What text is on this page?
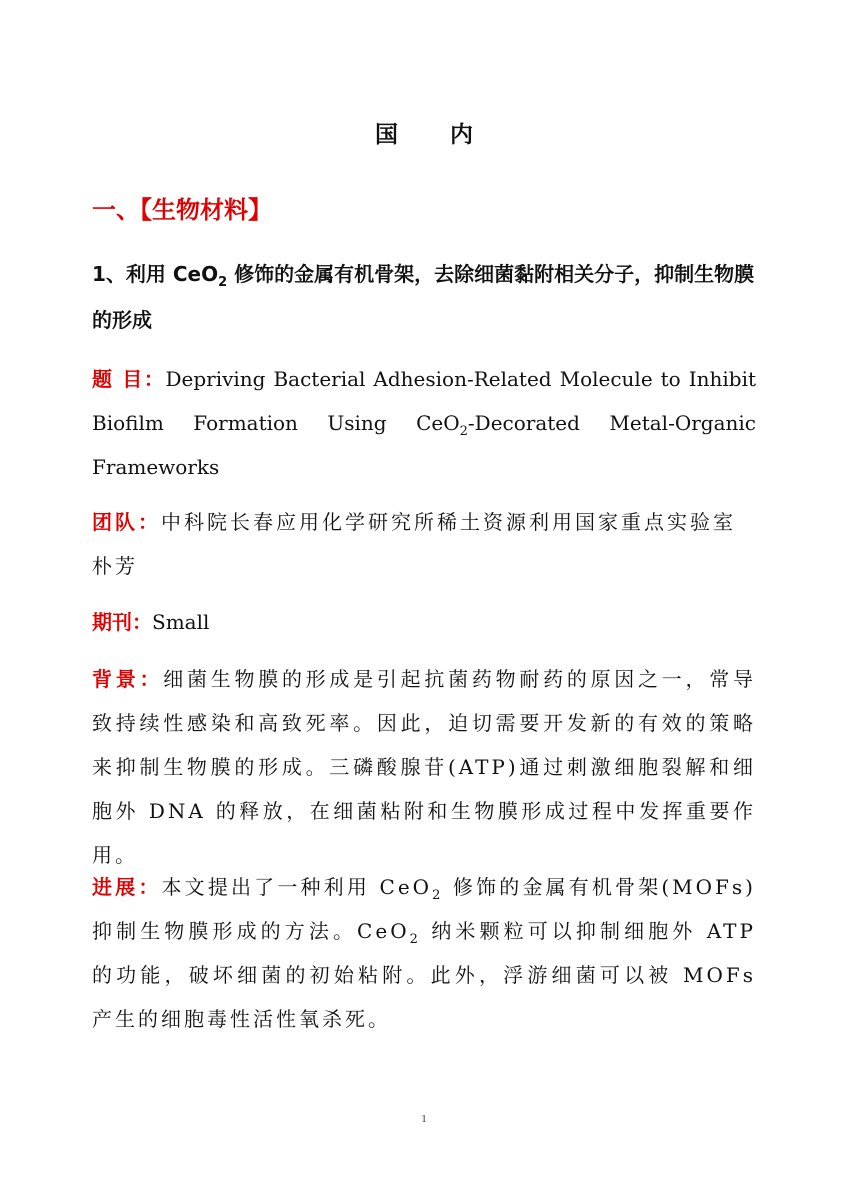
国 内
一、【生物材料】
1、利用 CeO$_2$ 修饰的金属有机骨架，去除细菌黏附相关分子，抑制生物膜的形成

题 目：Depriving Bacterial Adhesion-Related Molecule to Inhibit Biofilm Formation Using CeO$_2$-Decorated Metal-Organic Frameworks

团队：中科院长春应用化学研究所稀土资源利用国家重点实验室 朴芳

期刊：Small

背景：细菌生物膜的形成是引起抗菌药物耐药的原因之一，常导致持续性感染和高致死率。因此，迫切需要开发新的有效的策略来抑制生物膜的形成。三磷酸腺苷(ATP)通过刺激细胞裂解和细胞外 DNA 的释放，在细菌粘附和生物膜形成过程中发挥重要作用。

进展：本文提出了一种利用 CeO$_2$ 修饰的金属有机骨架(MOFs)抑制生物膜形成的方法。CeO$_2$ 纳米颗粒可以抑制细胞外 ATP 的功能，破坏细菌的初始粘附。此外，浮游细菌可以被 MOFs 产生的细胞毒性活性氧杀死。

1
